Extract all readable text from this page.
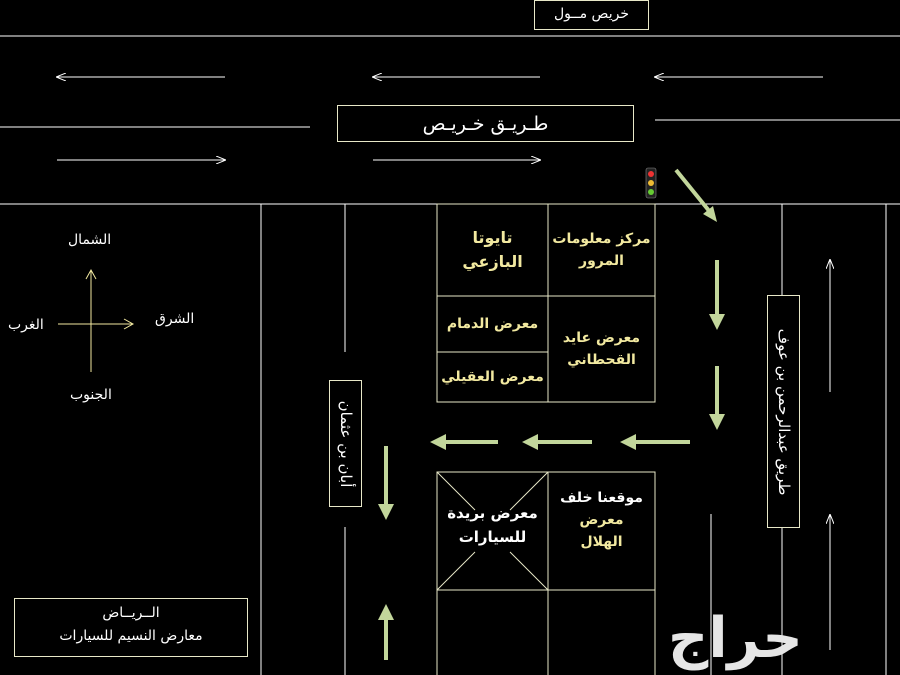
خريص مــول
طـريـق خـريـص
الشمال
الجنوب
الشرق
الغرب
مركز معلومات
المرور
تايوتا
البازعي
معرض الدمام
معرض عايد
القحطاني
معرض العقيلي
موقعنا خلف
معرض
الهلال
معرض بريدة
للسيارات
طريق عبدالرحمن بن عوف
أبان بن عثمان
الــريــاض
معارض النسيم للسيارات	حراج
